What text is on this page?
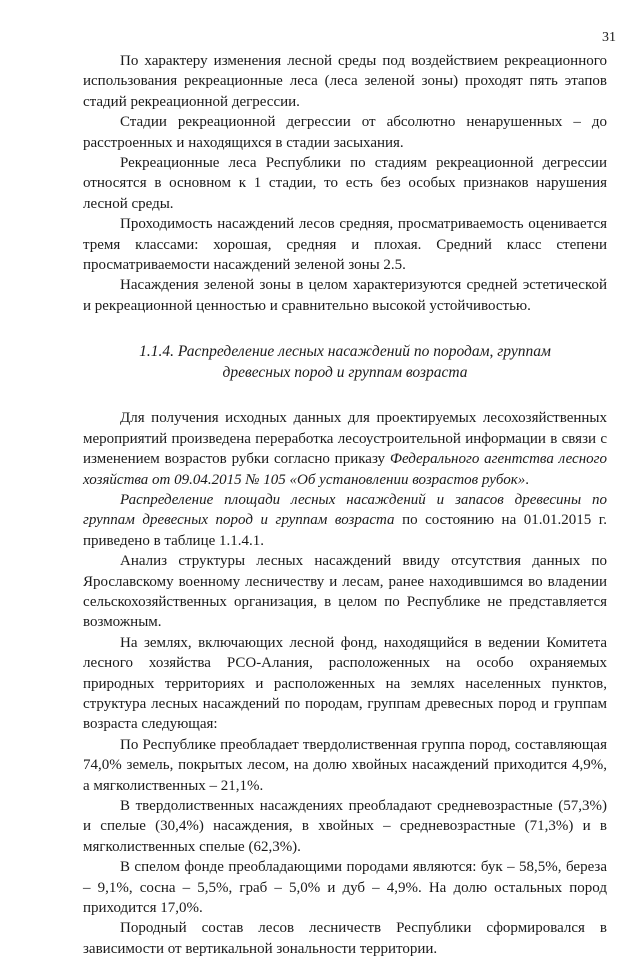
31

По характеру изменения лесной среды под воздействием рекреационного использования рекреационные леса (леса зеленой зоны) проходят пять этапов стадий рекреационной дегрессии.

Стадии рекреационной дегрессии от абсолютно ненарушенных – до расстроенных и находящихся в стадии засыхания.

Рекреационные леса Республики по стадиям рекреационной дегрессии относятся в основном к 1 стадии, то есть без особых признаков нарушения лесной среды.

Проходимость насаждений лесов средняя, просматриваемость оценивается тремя классами: хорошая, средняя и плохая. Средний класс степени просматриваемости насаждений зеленой зоны 2.5.

Насаждения зеленой зоны в целом характеризуются средней эстетической и рекреационной ценностью и сравнительно высокой устойчивостью.

1.1.4. Распределение лесных насаждений по породам, группам
древесных пород и группам возраста

Для получения исходных данных для проектируемых лесохозяйственных мероприятий произведена переработка лесоустроительной информации в связи с изменением возрастов рубки согласно приказу Федерального агентства лесного хозяйства от 09.04.2015 № 105 «Об установлении возрастов рубок».

Распределение площади лесных насаждений и запасов древесины по группам древесных пород и группам возраста по состоянию на 01.01.2015 г. приведено в таблице 1.1.4.1.

Анализ структуры лесных насаждений ввиду отсутствия данных по Ярославскому военному лесничеству и лесам, ранее находившимся во владении сельскохозяйственных организация, в целом по Республике не представляется возможным.

На землях, включающих лесной фонд, находящийся в ведении Комитета лесного хозяйства РСО-Алания, расположенных на особо охраняемых природных территориях и расположенных на землях населенных пунктов, структура лесных насаждений по породам, группам древесных пород и группам возраста следующая:

По Республике преобладает твердолиственная группа пород, составляющая 74,0% земель, покрытых лесом, на долю хвойных насаждений приходится 4,9%, а мягколиственных – 21,1%.

В твердолиственных насаждениях преобладают средневозрастные (57,3%) и спелые (30,4%) насаждения, в хвойных – средневозрастные (71,3%) и в мягколиственных спелые (62,3%).

В спелом фонде преобладающими породами являются: бук – 58,5%, береза – 9,1%, сосна – 5,5%, граб – 5,0% и дуб – 4,9%. На долю остальных пород приходится 17,0%.

Породный состав лесов лесничеств Республики сформировался в зависимости от вертикальной зональности территории.
